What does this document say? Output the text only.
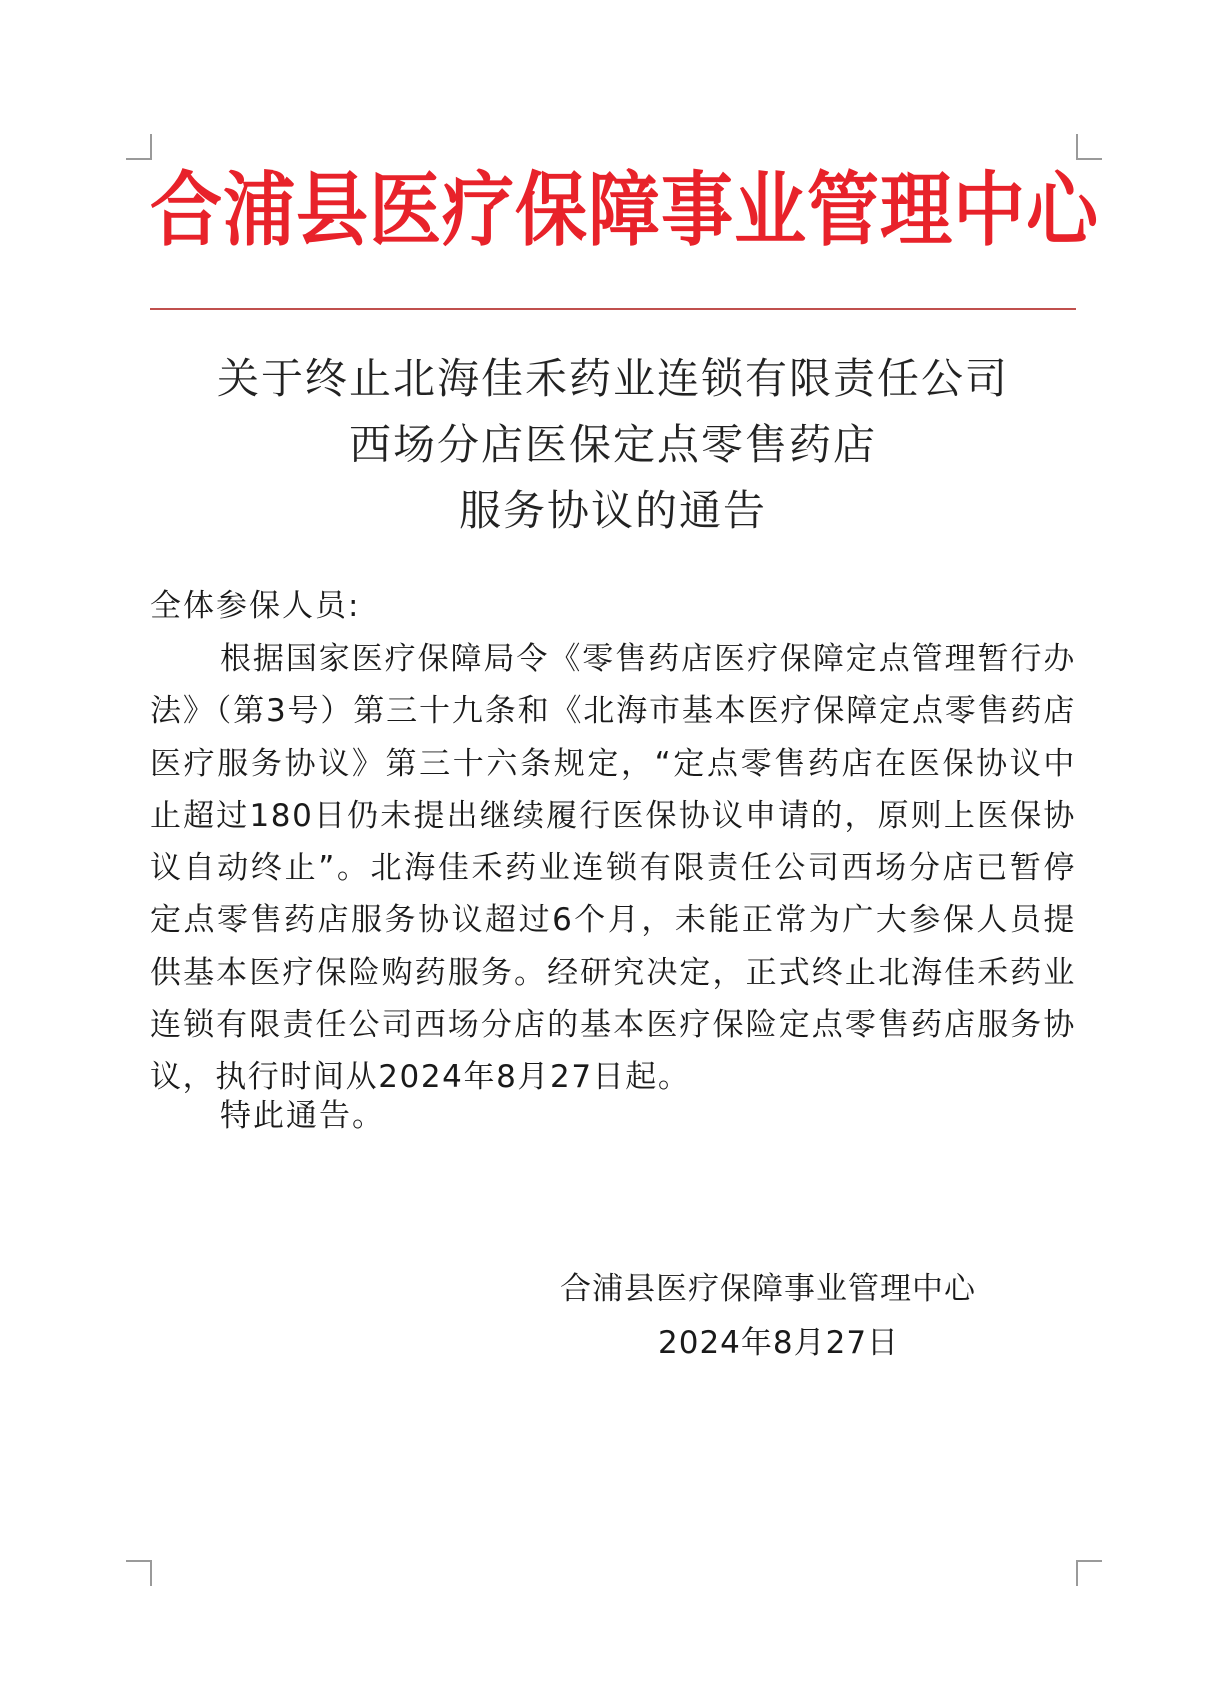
合浦县医疗保障事业管理中心
关于终止北海佳禾药业连锁有限责任公司
西场分店医保定点零售药店
服务协议的通告
全体参保人员:

根据国家医疗保障局令《零售药店医疗保障定点管理暂行办法》（第3号）第三十九条和《北海市基本医疗保障定点零售药店医疗服务协议》第三十六条规定，“定点零售药店在医保协议中止超过180日仍未提出继续履行医保协议申请的，原则上医保协议自动终止”。北海佳禾药业连锁有限责任公司西场分店已暂停定点零售药店服务协议超过6个月，未能正常为广大参保人员提供基本医疗保险购药服务。经研究决定，正式终止北海佳禾药业连锁有限责任公司西场分店的基本医疗保险定点零售药店服务协议，执行时间从2024年8月27日起。

特此通告。
合浦县医疗保障事业管理中心
2024年8月27日
